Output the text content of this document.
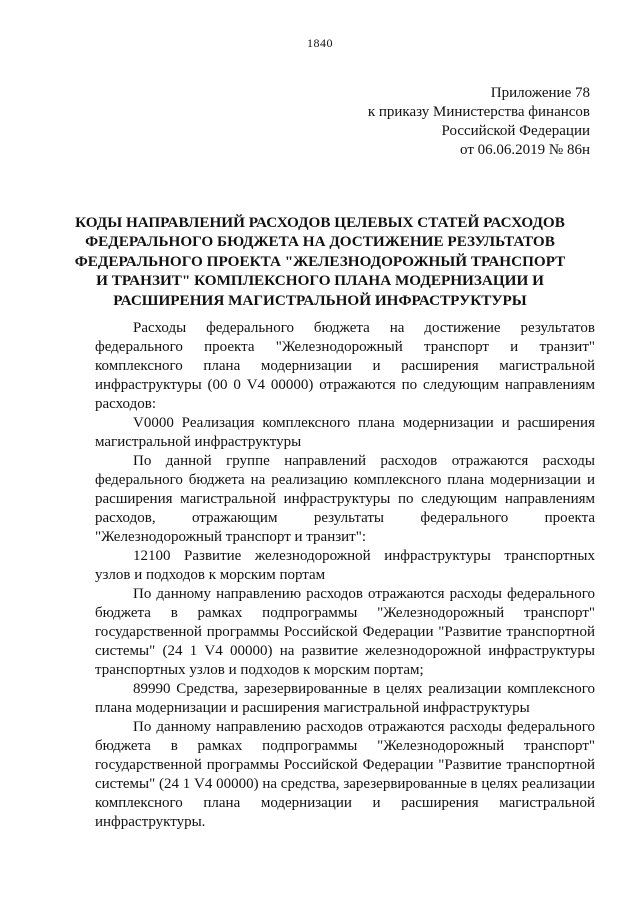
1840
Приложение 78
к приказу Министерства финансов
Российской Федерации
от 06.06.2019 № 86н
КОДЫ НАПРАВЛЕНИЙ РАСХОДОВ ЦЕЛЕВЫХ СТАТЕЙ РАСХОДОВ
ФЕДЕРАЛЬНОГО БЮДЖЕТА НА ДОСТИЖЕНИЕ РЕЗУЛЬТАТОВ
ФЕДЕРАЛЬНОГО ПРОЕКТА "ЖЕЛЕЗНОДОРОЖНЫЙ ТРАНСПОРТ
И ТРАНЗИТ" КОМПЛЕКСНОГО ПЛАНА МОДЕРНИЗАЦИИ И
РАСШИРЕНИЯ МАГИСТРАЛЬНОЙ ИНФРАСТРУКТУРЫ

Расходы федерального бюджета на достижение результатов федерального проекта "Железнодорожный транспорт и транзит" комплексного плана модернизации и расширения магистральной инфраструктуры (00 0 V4 00000) отражаются по следующим направлениям расходов:

V0000 Реализация комплексного плана модернизации и расширения магистральной инфраструктуры

По данной группе направлений расходов отражаются расходы федерального бюджета на реализацию комплексного плана модернизации и расширения магистральной инфраструктуры по следующим направлениям расходов, отражающим результаты федерального проекта "Железнодорожный транспорт и транзит":

12100 Развитие железнодорожной инфраструктуры транспортных узлов и подходов к морским портам

По данному направлению расходов отражаются расходы федерального бюджета в рамках подпрограммы "Железнодорожный транспорт" государственной программы Российской Федерации "Развитие транспортной системы" (24 1 V4 00000) на развитие железнодорожной инфраструктуры транспортных узлов и подходов к морским портам;

89990 Средства, зарезервированные в целях реализации комплексного плана модернизации и расширения магистральной инфраструктуры

По данному направлению расходов отражаются расходы федерального бюджета в рамках подпрограммы "Железнодорожный транспорт" государственной программы Российской Федерации "Развитие транспортной системы" (24 1 V4 00000) на средства, зарезервированные в целях реализации комплексного плана модернизации и расширения магистральной инфраструктуры.
